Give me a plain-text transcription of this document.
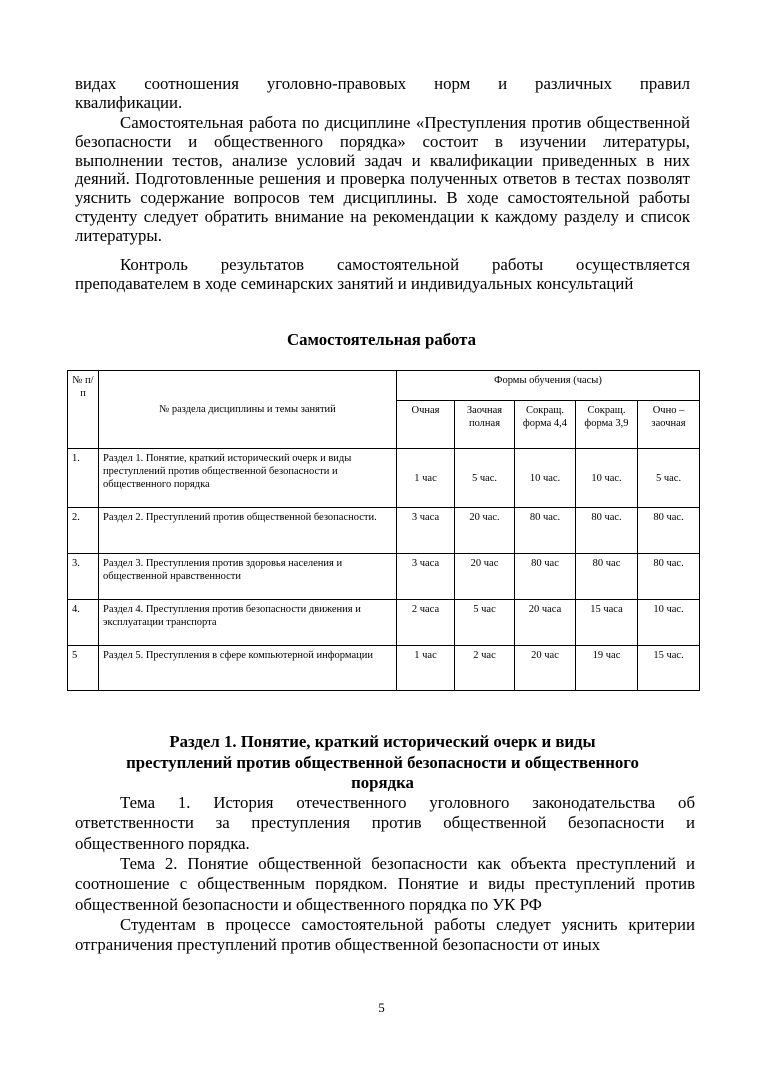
видах соотношения уголовно-правовых норм и различных правил
квалификации.

Самостоятельная работа по дисциплине «Преступления против общественной безопасности и общественного порядка» состоит в изучении литературы, выполнении тестов, анализе условий задач и квалификации приведенных в них деяний. Подготовленные решения и проверка полученных ответов в тестах позволят уяснить содержание вопросов тем дисциплины. В ходе самостоятельной работы студенту следует обратить внимание на рекомендации к каждому разделу и список литературы.

Контроль результатов самостоятельной работы осуществляется
преподавателем в ходе семинарских занятий и индивидуальных консультаций

Самостоятельная работа

№ п/п	№ раздела дисциплины и темы занятий	Формы обучения (часы)				
		Очная	Заочная полная	Сокращ. форма 4,4	Сокращ. форма 3,9	Очно – заочная
1.	Раздел 1. Понятие, краткий исторический очерк и виды преступлений против общественной безопасности и общественного порядка	1 час	5 час.	10 час.	10 час.	5 час.
2.	Раздел 2. Преступлений против общественной безопасности.	3 часа	20 час.	80 час.	80 час.	80 час.
3.	Раздел 3. Преступления против здоровья населения и общественной нравственности	3 часа	20 час	80 час	80 час	80 час.
4.	Раздел 4. Преступления против безопасности движения и эксплуатации транспорта	2 часа	5 час	20 часа	15 часа	10 час.
5	Раздел 5. Преступления в сфере компьютерной информации	1 час	2 час	20 час	19 час	15 час.
Раздел 1. Понятие, краткий исторический очерк и виды
преступлений против общественной безопасности и общественного
порядка

Тема 1. История отечественного уголовного законодательства об ответственности за преступления против общественной безопасности и общественного порядка.

Тема 2. Понятие общественной безопасности как объекта преступлений и соотношение с общественным порядком. Понятие и виды преступлений против общественной безопасности и общественного порядка по УК РФ

Студентам в процессе самостоятельной работы следует уяснить критерии отграничения преступлений против общественной безопасности от иных

5
